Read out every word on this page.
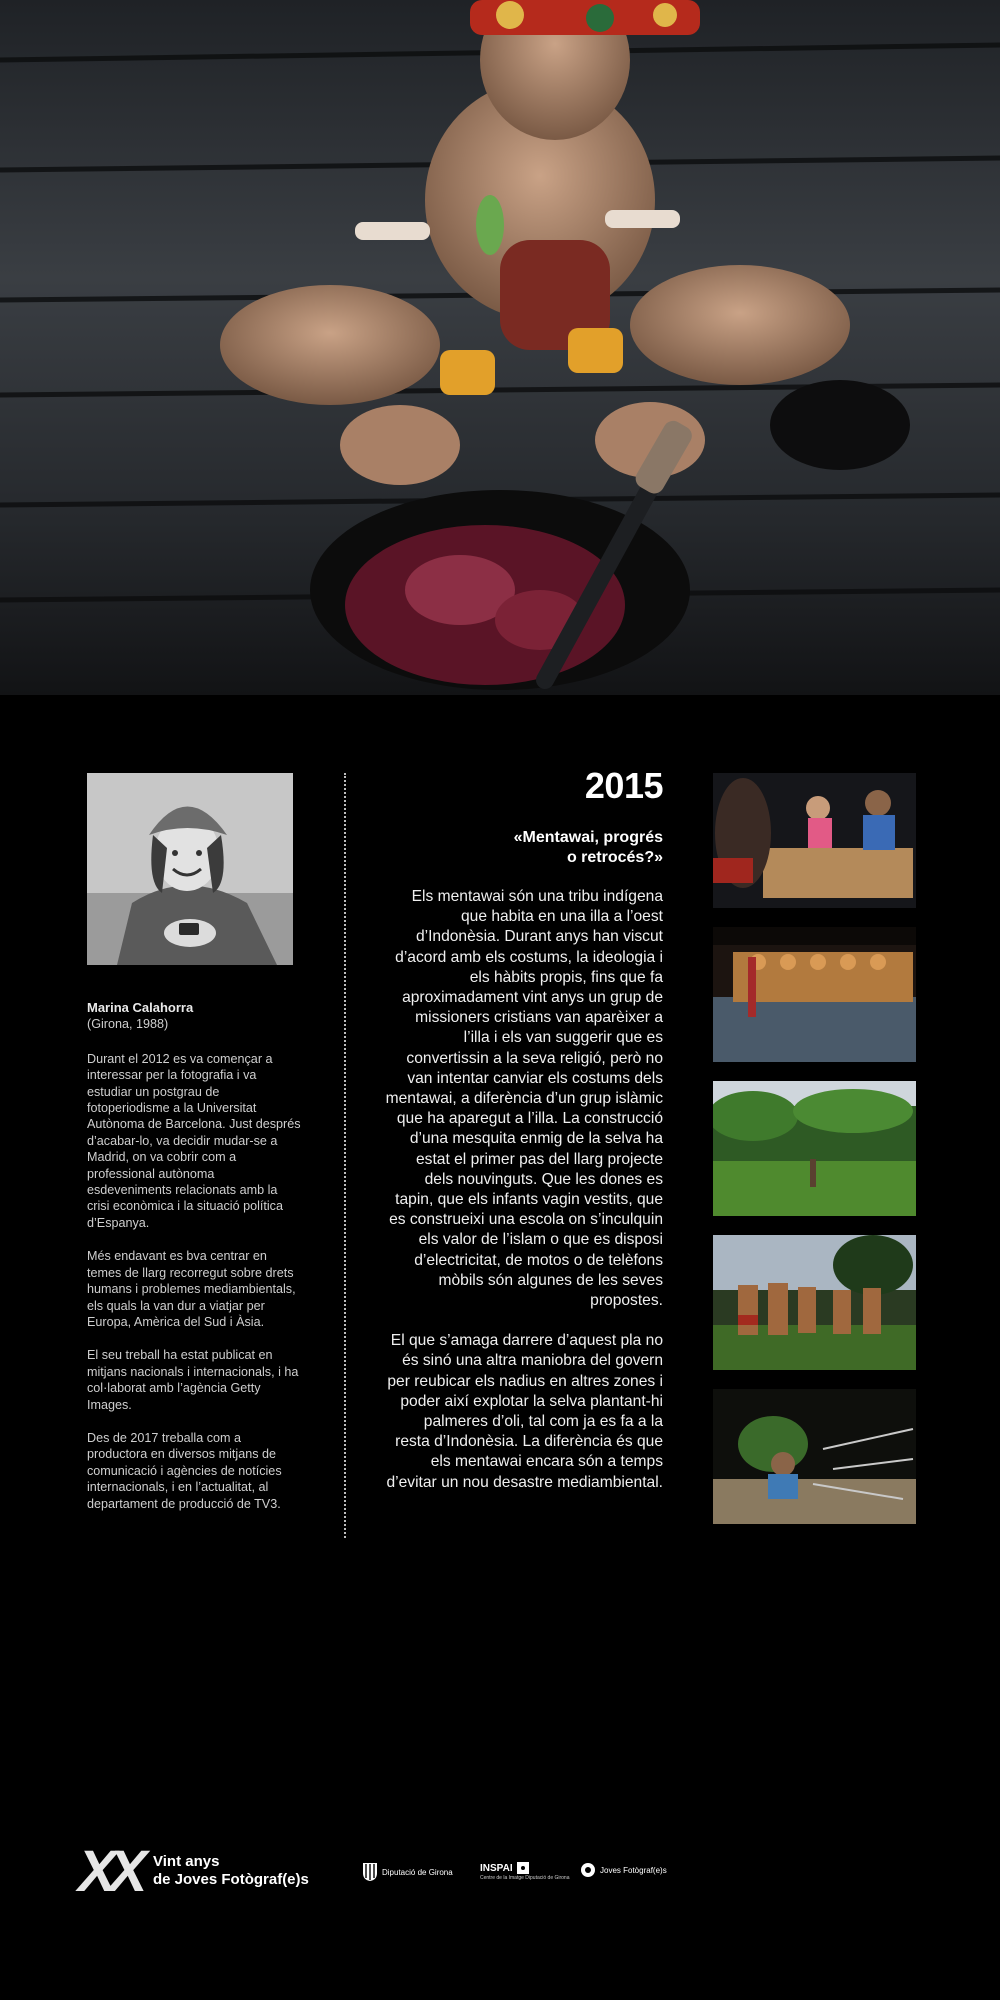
Marina Calahorra
(Girona, 1988)

Durant el 2012 es va començar a interessar per la fotografia i va estudiar un postgrau de fotoperiodisme a la Universitat Autònoma de Barcelona. Just després d’acabar-lo, va decidir mudar-se a Madrid, on va cobrir com a professional autònoma esdeveniments relacionats amb la crisi econòmica i la situació política d’Espanya.

Més endavant es bva centrar en temes de llarg recorregut sobre drets humans i problemes mediambientals, els quals la van dur a viatjar per Europa, Amèrica del Sud i Àsia.

El seu treball ha estat publicat en mitjans nacionals i internacionals, i ha col·laborat amb l’agència Getty Images.

Des de 2017 treballa com a productora en diversos mitjans de comunicació i agències de notícies internacionals, i en l’actualitat, al departament de producció de TV3.

2015
«Mentawai, progrés
o retrocés?»

Els mentawai són una tribu indígena que habita en una illa a l’oest d’Indonèsia. Durant anys han viscut d’acord amb els costums, la ideologia i els hàbits propis, fins que fa aproximadament vint anys un grup de missioners cristians van aparèixer a l’illa i els van suggerir que es convertissin a la seva religió, però no van intentar canviar els costums dels mentawai, a diferència d’un grup islàmic que ha aparegut a l’illa. La construcció d’una mesquita enmig de la selva ha estat el primer pas del llarg projecte dels nouvinguts. Que les dones es tapin, que els infants vagin vestits, que es construeixi una escola on s’inculquin els valor de l’islam o que es disposi d’electricitat, de motos o de telèfons mòbils són algunes de les seves propostes.

El que s’amaga darrere d’aquest pla no és sinó una altra maniobra del govern per reubicar els nadius en altres zones i poder així explotar la selva plantant-hi palmeres d’oli, tal com ja es fa a la resta d’Indonèsia. La diferència és que els mentawai encara són a temps d’evitar un nou desastre mediambiental.

XX Vint anys
de Joves Fotògraf(e)s	Diputació de Girona	INSPAI
Centre de la Imatge Diputació de Girona
Joves Fotògraf(e)s
